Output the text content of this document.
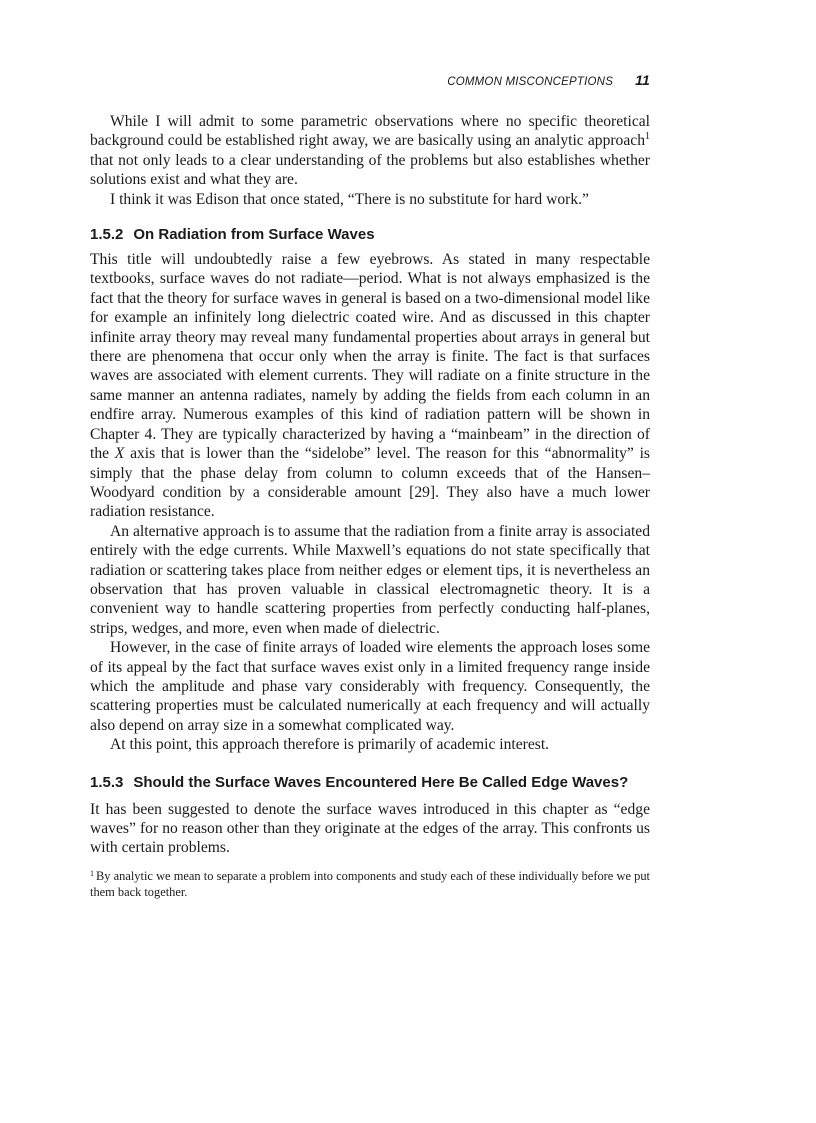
COMMON MISCONCEPTIONS 11

While I will admit to some parametric observations where no specific theoretical background could be established right away, we are basically using an analytic approach$^1$ that not only leads to a clear understanding of the problems but also establishes whether solutions exist and what they are.

I think it was Edison that once stated, “There is no substitute for hard work.”

1.5.2 On Radiation from Surface Waves

This title will undoubtedly raise a few eyebrows. As stated in many respectable textbooks, surface waves do not radiate—period. What is not always emphasized is the fact that the theory for surface waves in general is based on a two-dimensional model like for example an infinitely long dielectric coated wire. And as discussed in this chapter infinite array theory may reveal many fundamental properties about arrays in general but there are phenomena that occur only when the array is finite. The fact is that surfaces waves are associated with element currents. They will radiate on a finite structure in the same manner an antenna radiates, namely by adding the fields from each column in an endfire array. Numerous examples of this kind of radiation pattern will be shown in Chapter 4. They are typically characterized by having a “mainbeam” in the direction of the X axis that is lower than the “sidelobe” level. The reason for this “abnormality” is simply that the phase delay from column to column exceeds that of the Hansen–Woodyard condition by a considerable amount [29]. They also have a much lower radiation resistance.

An alternative approach is to assume that the radiation from a finite array is associated entirely with the edge currents. While Maxwell’s equations do not state specifically that radiation or scattering takes place from neither edges or element tips, it is nevertheless an observation that has proven valuable in classical electromagnetic theory. It is a convenient way to handle scattering properties from perfectly conducting half-planes, strips, wedges, and more, even when made of dielectric.

However, in the case of finite arrays of loaded wire elements the approach loses some of its appeal by the fact that surface waves exist only in a limited frequency range inside which the amplitude and phase vary considerably with frequency. Consequently, the scattering properties must be calculated numerically at each frequency and will actually also depend on array size in a somewhat complicated way.

At this point, this approach therefore is primarily of academic interest.

1.5.3 Should the Surface Waves Encountered Here Be Called Edge Waves?

It has been suggested to denote the surface waves introduced in this chapter as “edge waves” for no reason other than they originate at the edges of the array. This confronts us with certain problems.

$^1$ By analytic we mean to separate a problem into components and study each of these individually before we put them back together.
